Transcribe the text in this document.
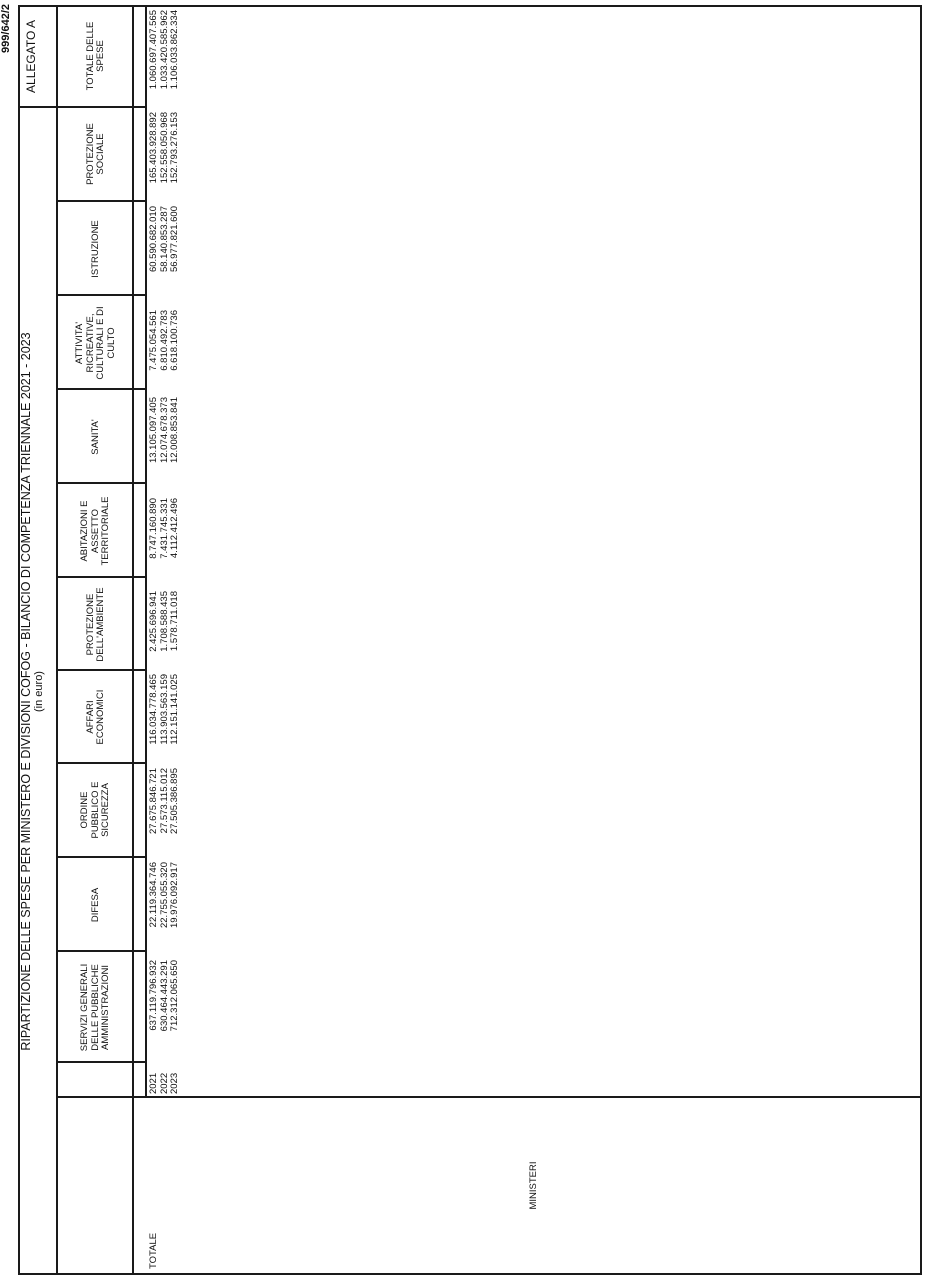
999/642/2
RIPARTIZIONE DELLE SPESE PER MINISTERO E DIVISIONI COFOG - BILANCIO DI COMPETENZA TRIENNALE 2021 - 2023 (in euro)
ALLEGATO A
MINISTERI
SERVIZI GENERALI DELLE PUBBLICHE AMMINISTRAZIONI
DIFESA
ORDINE PUBBLICO E SICUREZZA
AFFARI ECONOMICI
PROTEZIONE DELL'AMBIENTE
ABITAZIONI E ASSETTO TERRITORIALE
SANITA'
ATTIVITA' RICREATIVE, CULTURALI E DI CULTO
ISTRUZIONE
PROTEZIONE SOCIALE
TOTALE DELLE SPESE
TOTALE
2021 2022 2023
637.119.796.932 630.464.443.291 712.312.065.650
22.119.364.746 22.755.055.320 19.976.092.917
27.675.846.721 27.573.115.012 27.505.386.895
116.034.778.465 113.903.563.159 112.151.141.025
2.425.696.941 1.708.588.435 1.578.711.018
8.747.160.890 7.431.745.331 4.112.412.496
13.105.097.405 12.074.678.373 12.008.853.841
7.475.054.561 6.810.492.783 6.618.100.736
60.590.682.010 58.140.853.287 56.977.821.600
165.403.928.892 152.558.050.968 152.793.276.153
1.060.697.407.565 1.033.420.585.962 1.106.033.862.334
